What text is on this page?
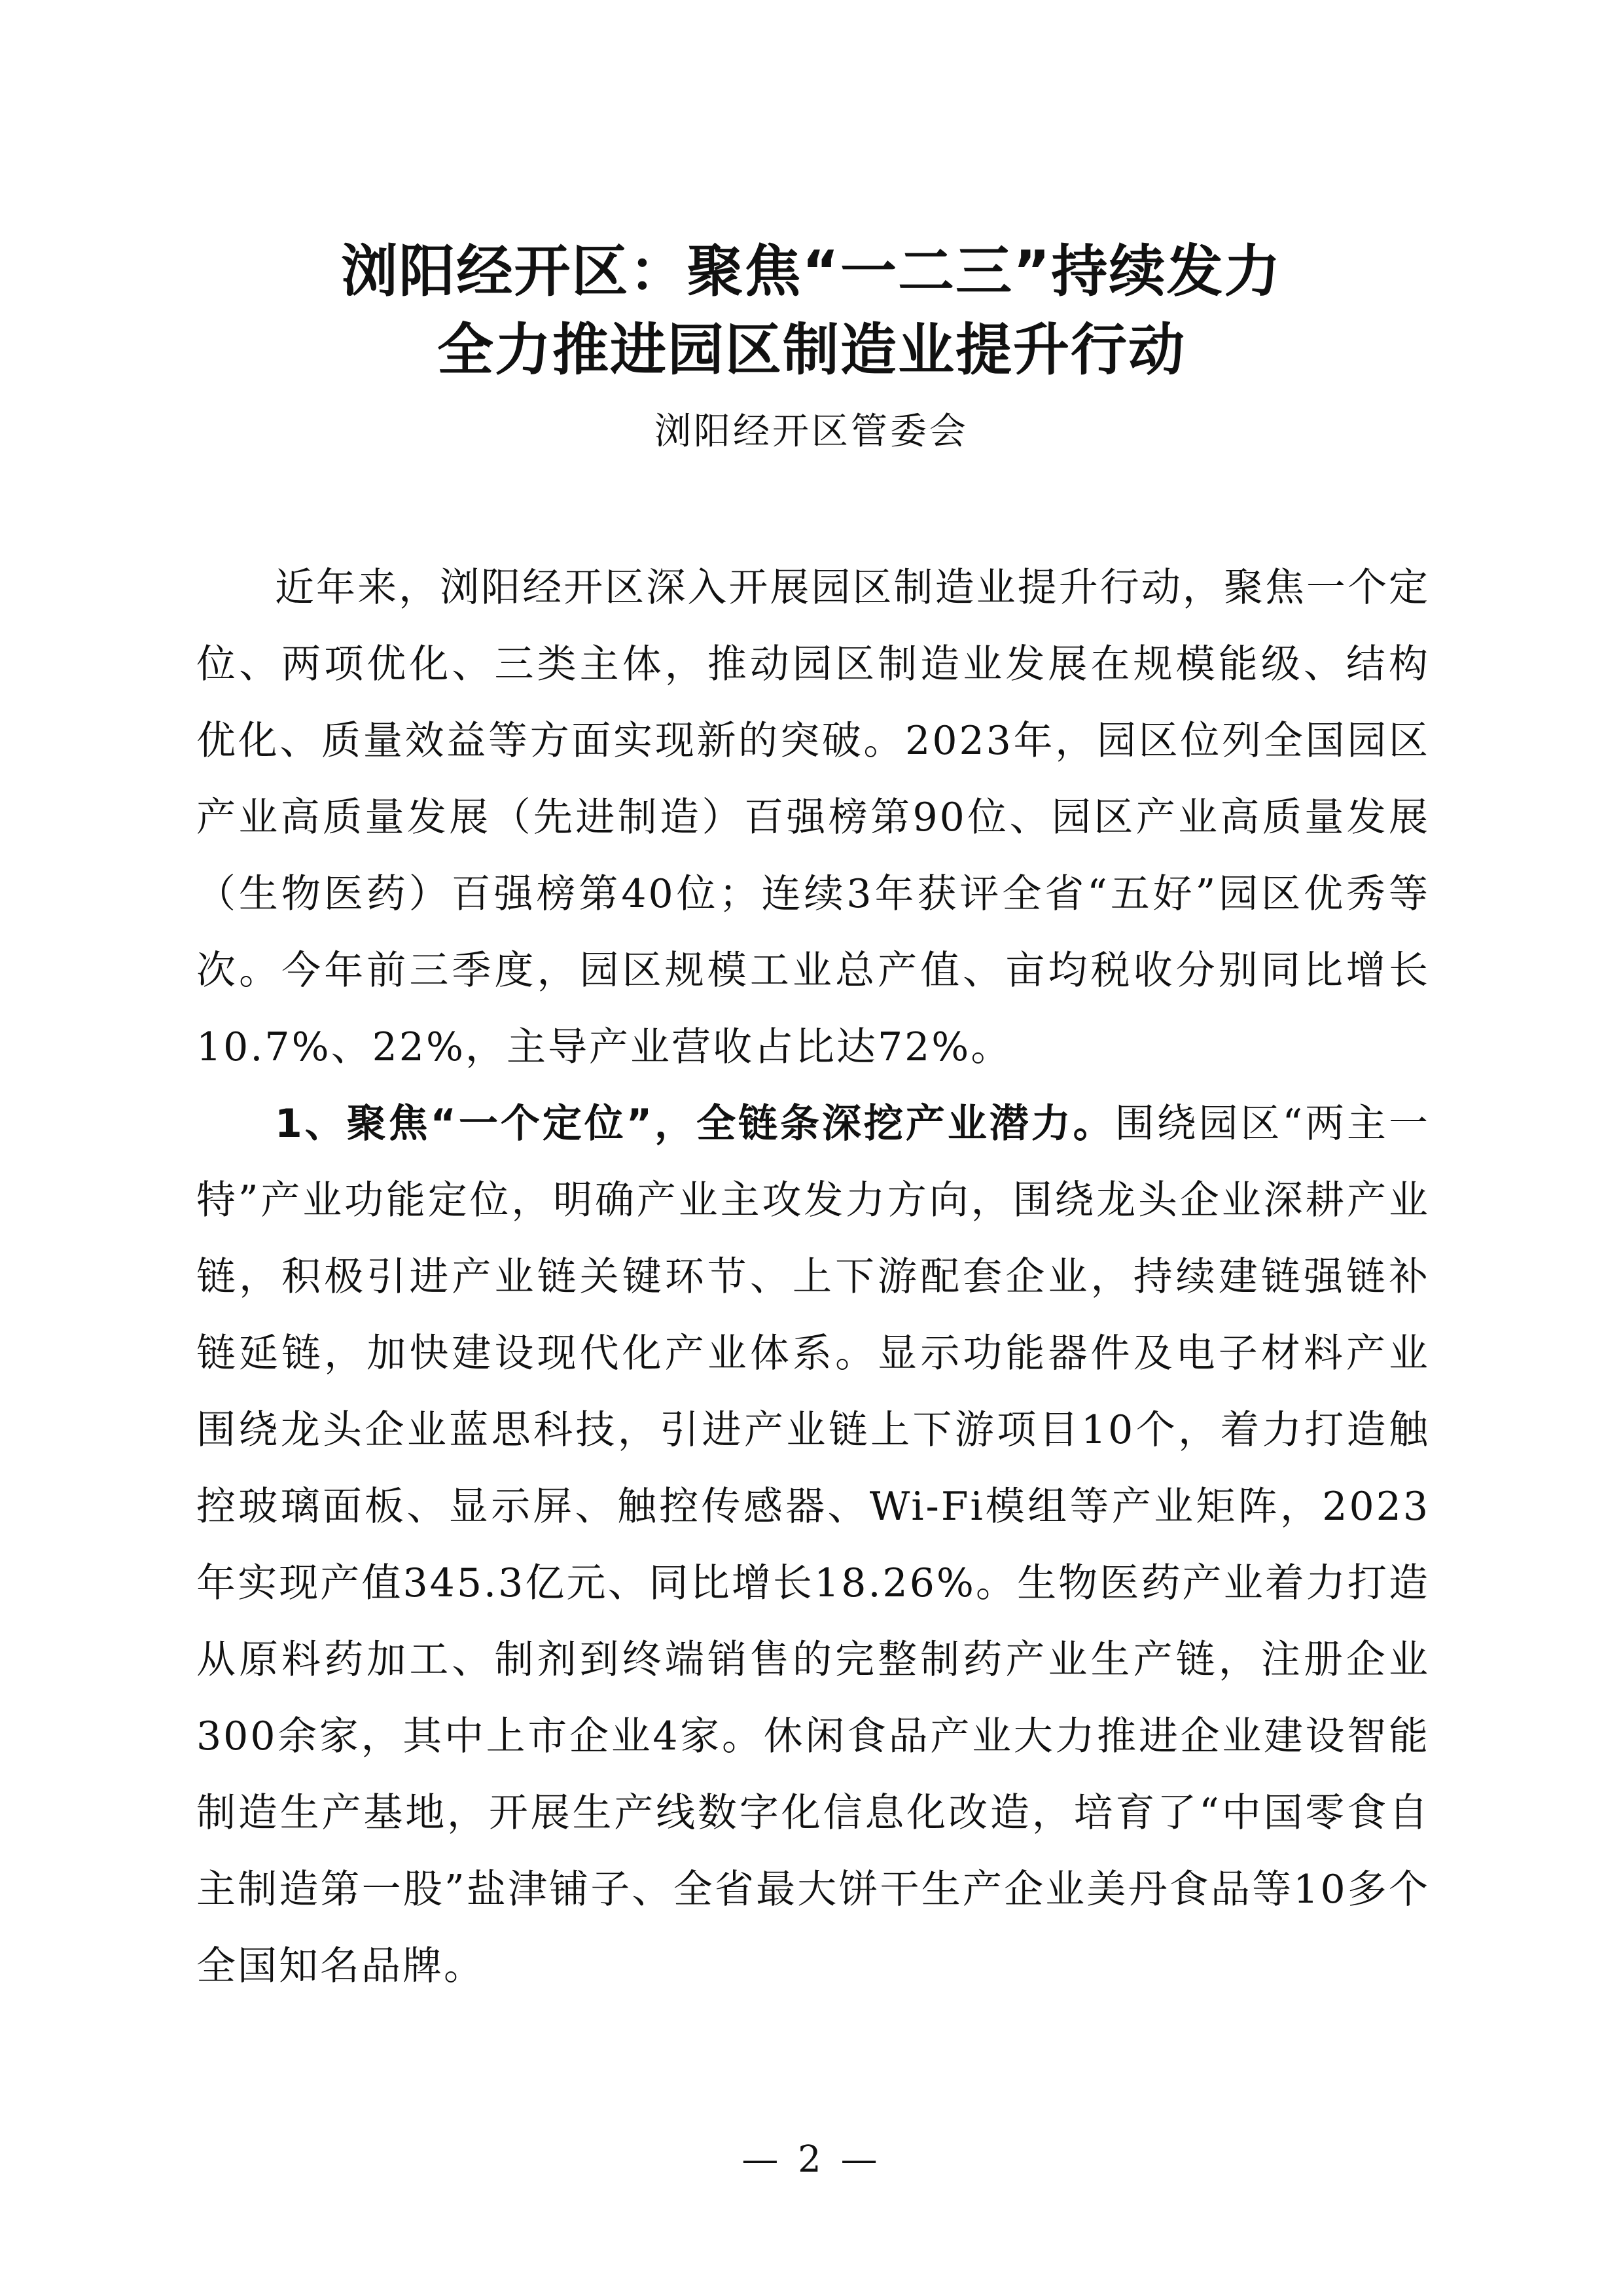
浏阳经开区：聚焦“一二三”持续发力
全力推进园区制造业提升行动
浏阳经开区管委会

近年来，浏阳经开区深入开展园区制造业提升行动，聚焦一个定位、两项优化、三类主体，推动园区制造业发展在规模能级、结构优化、质量效益等方面实现新的突破。2023年，园区位列全国园区产业高质量发展（先进制造）百强榜第90位、园区产业高质量发展（生物医药）百强榜第40位；连续3年获评全省“五好”园区优秀等次。今年前三季度，园区规模工业总产值、亩均税收分别同比增长10.7%、22%，主导产业营收占比达72%。

1、聚焦“一个定位”，全链条深挖产业潜力。围绕园区“两主一特”产业功能定位，明确产业主攻发力方向，围绕龙头企业深耕产业链，积极引进产业链关键环节、上下游配套企业，持续建链强链补链延链，加快建设现代化产业体系。显示功能器件及电子材料产业围绕龙头企业蓝思科技，引进产业链上下游项目10个，着力打造触控玻璃面板、显示屏、触控传感器、Wi-Fi模组等产业矩阵，2023年实现产值345.3亿元、同比增长18.26%。生物医药产业着力打造从原料药加工、制剂到终端销售的完整制药产业生产链，注册企业300余家，其中上市企业4家。休闲食品产业大力推进企业建设智能制造生产基地，开展生产线数字化信息化改造，培育了“中国零食自主制造第一股”盐津铺子、全省最大饼干生产企业美丹食品等10多个全国知名品牌。

— 2 —
